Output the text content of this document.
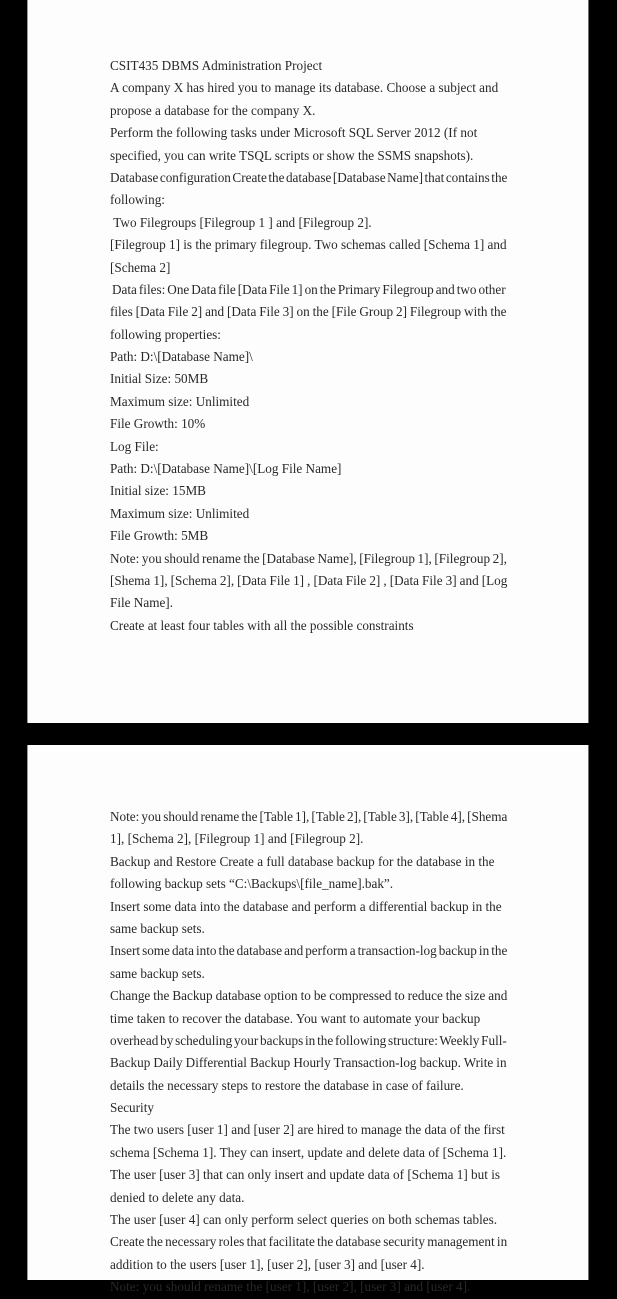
CSIT435 DBMS Administration Project
A company X has hired you to manage its database. Choose a subject and
propose a database for the company X.
Perform the following tasks under Microsoft SQL Server 2012 (If not
specified, you can write TSQL scripts or show the SSMS snapshots).
Database configuration Create the database [Database Name] that contains the
following:
Two Filegroups [Filegroup 1 ] and [Filegroup 2].
[Filegroup 1] is the primary filegroup. Two schemas called [Schema 1] and
[Schema 2]
Data files: One Data file [Data File 1] on the Primary Filegroup and two other
files [Data File 2] and [Data File 3] on the [File Group 2] Filegroup with the
following properties:
Path: D:\[Database Name]\
Initial Size: 50MB
Maximum size: Unlimited
File Growth: 10%
Log File:
Path: D:\[Database Name]\[Log File Name]
Initial size: 15MB
Maximum size: Unlimited
File Growth: 5MB
Note: you should rename the [Database Name], [Filegroup 1], [Filegroup 2],
[Shema 1], [Schema 2], [Data File 1] , [Data File 2] , [Data File 3] and [Log
File Name].
Create at least four tables with all the possible constraints
Note: you should rename the [Table 1], [Table 2], [Table 3], [Table 4], [Shema
1], [Schema 2], [Filegroup 1] and [Filegroup 2].
Backup and Restore Create a full database backup for the database in the
following backup sets “C:\Backups\[file_name].bak”.
Insert some data into the database and perform a differential backup in the
same backup sets.
Insert some data into the database and perform a transaction-log backup in the
same backup sets.
Change the Backup database option to be compressed to reduce the size and
time taken to recover the database. You want to automate your backup
overhead by scheduling your backups in the following structure: Weekly Full-
Backup Daily Differential Backup Hourly Transaction-log backup. Write in
details the necessary steps to restore the database in case of failure.
Security
The two users [user 1] and [user 2] are hired to manage the data of the first
schema [Schema 1]. They can insert, update and delete data of [Schema 1].
The user [user 3] that can only insert and update data of [Schema 1] but is
denied to delete any data.
The user [user 4] can only perform select queries on both schemas tables.
Create the necessary roles that facilitate the database security management in
addition to the users [user 1], [user 2], [user 3] and [user 4].
Note: you should rename the [user 1], [user 2], [user 3] and [user 4].
